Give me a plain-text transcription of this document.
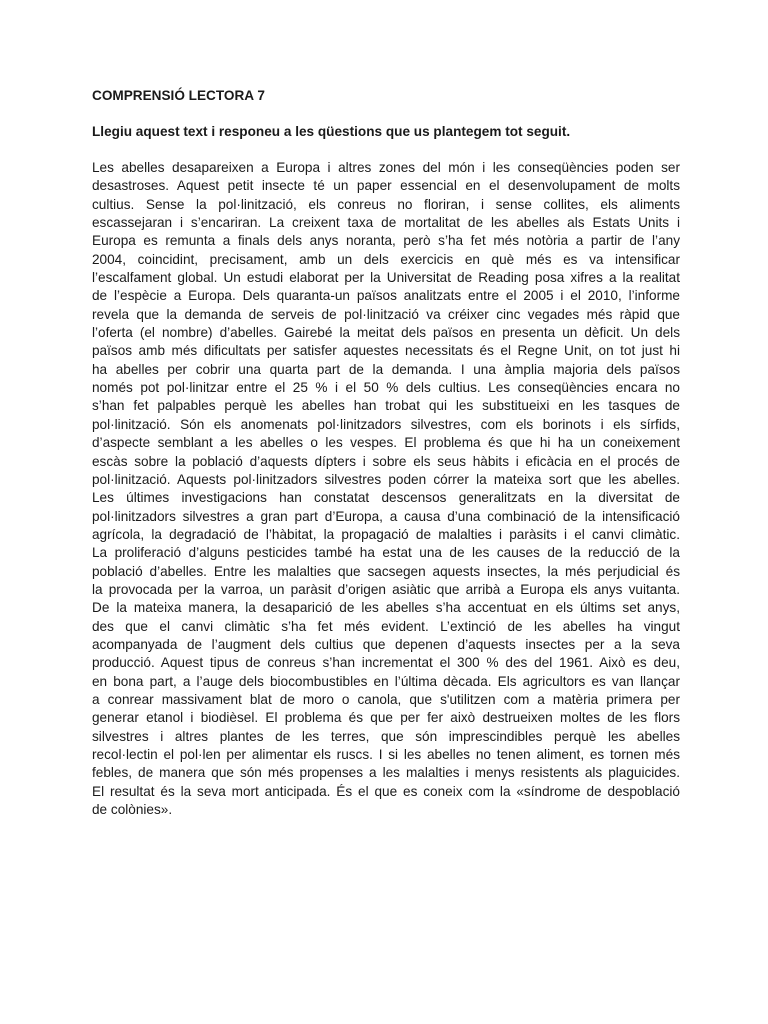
COMPRENSIÓ LECTORA 7

Llegiu aquest text i responeu a les qüestions que us plantegem tot seguit.

Les abelles desapareixen a Europa i altres zones del món i les conseqüències poden ser
desastroses. Aquest petit insecte té un paper essencial en el desenvolupament de molts
cultius. Sense la pol·linització, els conreus no floriran, i sense collites, els aliments
escassejaran i s’encariran. La creixent taxa de mortalitat de les abelles als Estats Units i
Europa es remunta a finals dels anys noranta, però s’ha fet més notòria a partir de l’any
2004, coincidint, precisament, amb un dels exercicis en què més es va intensificar
l’escalfament global. Un estudi elaborat per la Universitat de Reading posa xifres a la realitat
de l’espècie a Europa. Dels quaranta-un països analitzats entre el 2005 i el 2010, l’informe
revela que la demanda de serveis de pol·linització va créixer cinc vegades més ràpid que
l’oferta (el nombre) d’abelles. Gairebé la meitat dels països en presenta un dèficit. Un dels
països amb més dificultats per satisfer aquestes necessitats és el Regne Unit, on tot just hi
ha abelles per cobrir una quarta part de la demanda. I una àmplia majoria dels països
només pot pol·linitzar entre el 25 % i el 50 % dels cultius. Les conseqüències encara no
s’han fet palpables perquè les abelles han trobat qui les substitueixi en les tasques de
pol·linització. Són els anomenats pol·linitzadors silvestres, com els borinots i els sírfids,
d’aspecte semblant a les abelles o les vespes. El problema és que hi ha un coneixement
escàs sobre la població d’aquests dípters i sobre els seus hàbits i eficàcia en el procés de
pol·linització. Aquests pol·linitzadors silvestres poden córrer la mateixa sort que les abelles.
Les últimes investigacions han constatat descensos generalitzats en la diversitat de
pol·linitzadors silvestres a gran part d’Europa, a causa d’una combinació de la intensificació
agrícola, la degradació de l’hàbitat, la propagació de malalties i paràsits i el canvi climàtic.
La proliferació d’alguns pesticides també ha estat una de les causes de la reducció de la
població d’abelles. Entre les malalties que sacsegen aquests insectes, la més perjudicial és
la provocada per la varroa, un paràsit d’origen asiàtic que arribà a Europa els anys vuitanta.
De la mateixa manera, la desaparició de les abelles s’ha accentuat en els últims set anys,
des que el canvi climàtic s’ha fet més evident. L’extinció de les abelles ha vingut
acompanyada de l’augment dels cultius que depenen d’aquests insectes per a la seva
producció. Aquest tipus de conreus s’han incrementat el 300 % des del 1961. Això es deu,
en bona part, a l’auge dels biocombustibles en l’última dècada. Els agricultors es van llançar
a conrear massivament blat de moro o canola, que s'utilitzen com a matèria primera per
generar etanol i biodièsel. El problema és que per fer això destrueixen moltes de les flors
silvestres i altres plantes de les terres, que són imprescindibles perquè les abelles
recol·lectin el pol·len per alimentar els ruscs. I si les abelles no tenen aliment, es tornen més
febles, de manera que són més propenses a les malalties i menys resistents als plaguicides.
El resultat és la seva mort anticipada. És el que es coneix com la «síndrome de despoblació
de colònies».
